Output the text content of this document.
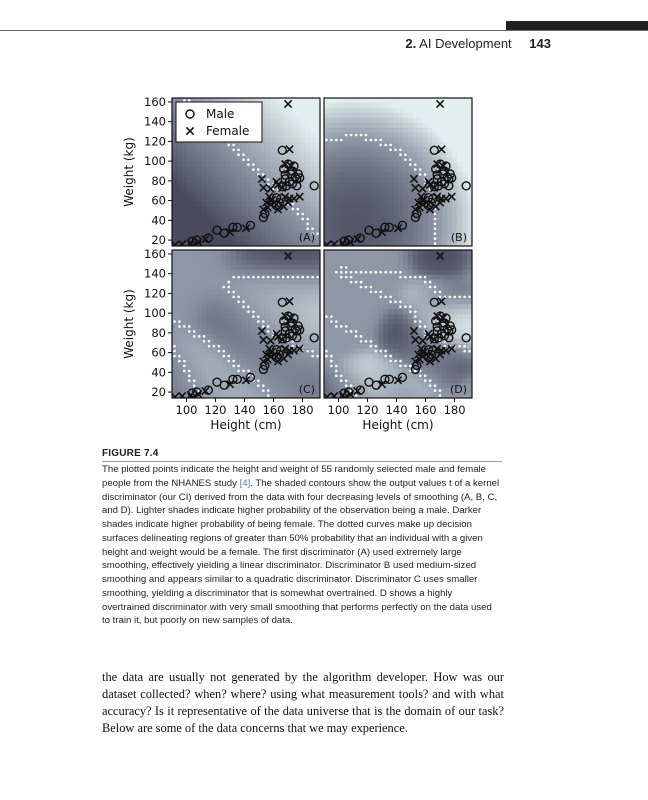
2. AI Development 143
(A)
20
40
60
80
100
120
140
160
Weight (kg)
Male
Female
(B)
(C)
20
40
60
80
100
120
140
160
Weight (kg)
100 120 140 160 180
Height (cm)
(D)
100 120 140 160 180
Height (cm)
FIGURE 7.4
The plotted points indicate the height and weight of 55 randomly selected male and female people from the NHANES study [4]. The shaded contours show the output values t of a kernel discriminator (our CI) derived from the data with four decreasing levels of smoothing (A, B, C, and D). Lighter shades indicate higher probability of the observation being a male. Darker shades indicate higher probability of being female. The dotted curves make up decision surfaces delineating regions of greater than 50% probability that an individual with a given height and weight would be a female. The first discriminator (A) used extremely large smoothing, effectively yielding a linear discriminator. Discriminator B used medium-sized smoothing and appears similar to a quadratic discriminator. Discriminator C uses smaller smoothing, yielding a discriminator that is somewhat overtrained. D shows a highly overtrained discriminator with very small smoothing that performs perfectly on the data used to train it, but poorly on new samples of data.
the data are usually not generated by the algorithm developer. How was our dataset collected? when? where? using what measurement tools? and with what accuracy? Is it representative of the data universe that is the domain of our task? Below are some of the data concerns that we may experience.
